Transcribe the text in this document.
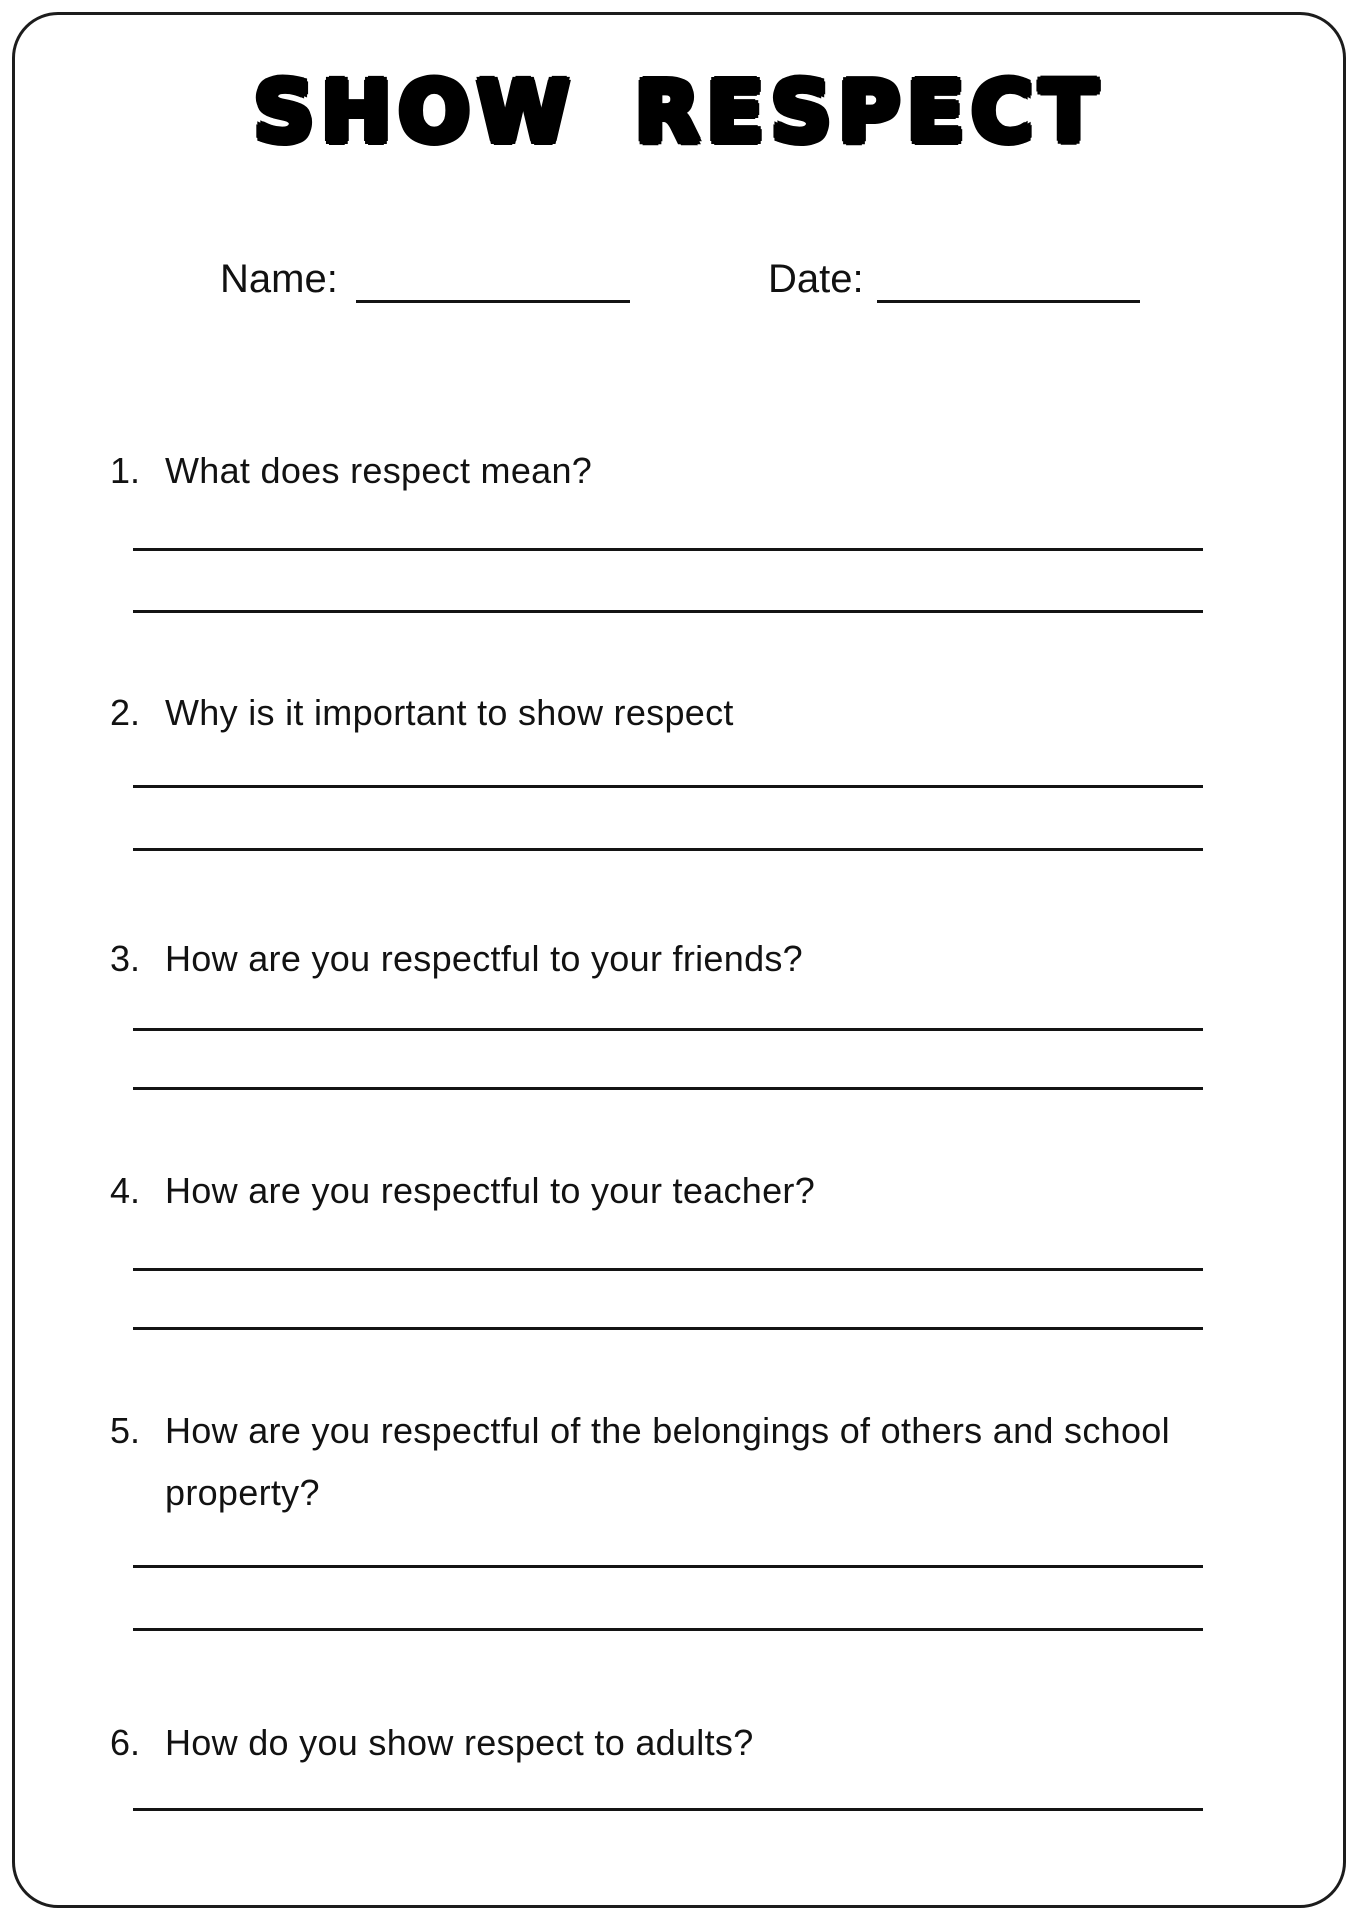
SHOW RESPECT
Name:	Date:
1. What does respect mean?
2. Why is it important to show respect
3. How are you respectful to your friends?
4. How are you respectful to your teacher?
5. How are you respectful of the belongings of others and school property?
6. How do you show respect to adults?
